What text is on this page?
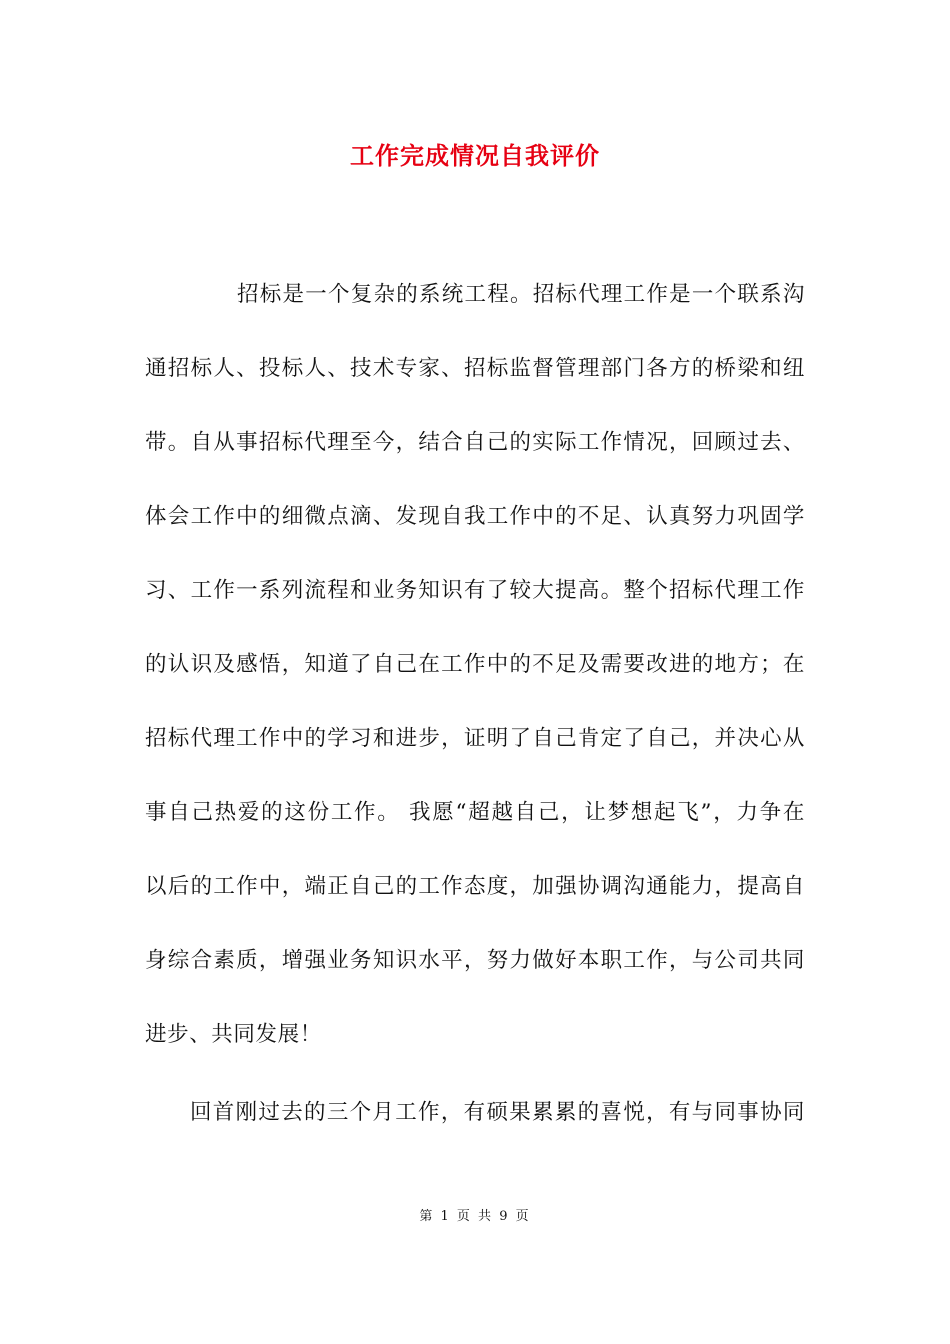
工作完成情况自我评价
招标是一个复杂的系统工程。招标代理工作是一个联系沟
通招标人、投标人、技术专家、招标监督管理部门各方的桥梁和纽
带。自从事招标代理至今，结合自己的实际工作情况，回顾过去、
体会工作中的细微点滴、发现自我工作中的不足、认真努力巩固学
习、工作一系列流程和业务知识有了较大提高。整个招标代理工作
的认识及感悟，知道了自己在工作中的不足及需要改进的地方；在
招标代理工作中的学习和进步，证明了自己肯定了自己，并决心从
事自己热爱的这份工作。 我愿“超越自己，让梦想起飞”，力争在
以后的工作中，端正自己的工作态度，加强协调沟通能力，提高自
身综合素质，增强业务知识水平，努力做好本职工作，与公司共同
进步、共同发展！
回首刚过去的三个月工作，有硕果累累的喜悦，有与同事协同
第 1 页 共 9 页
